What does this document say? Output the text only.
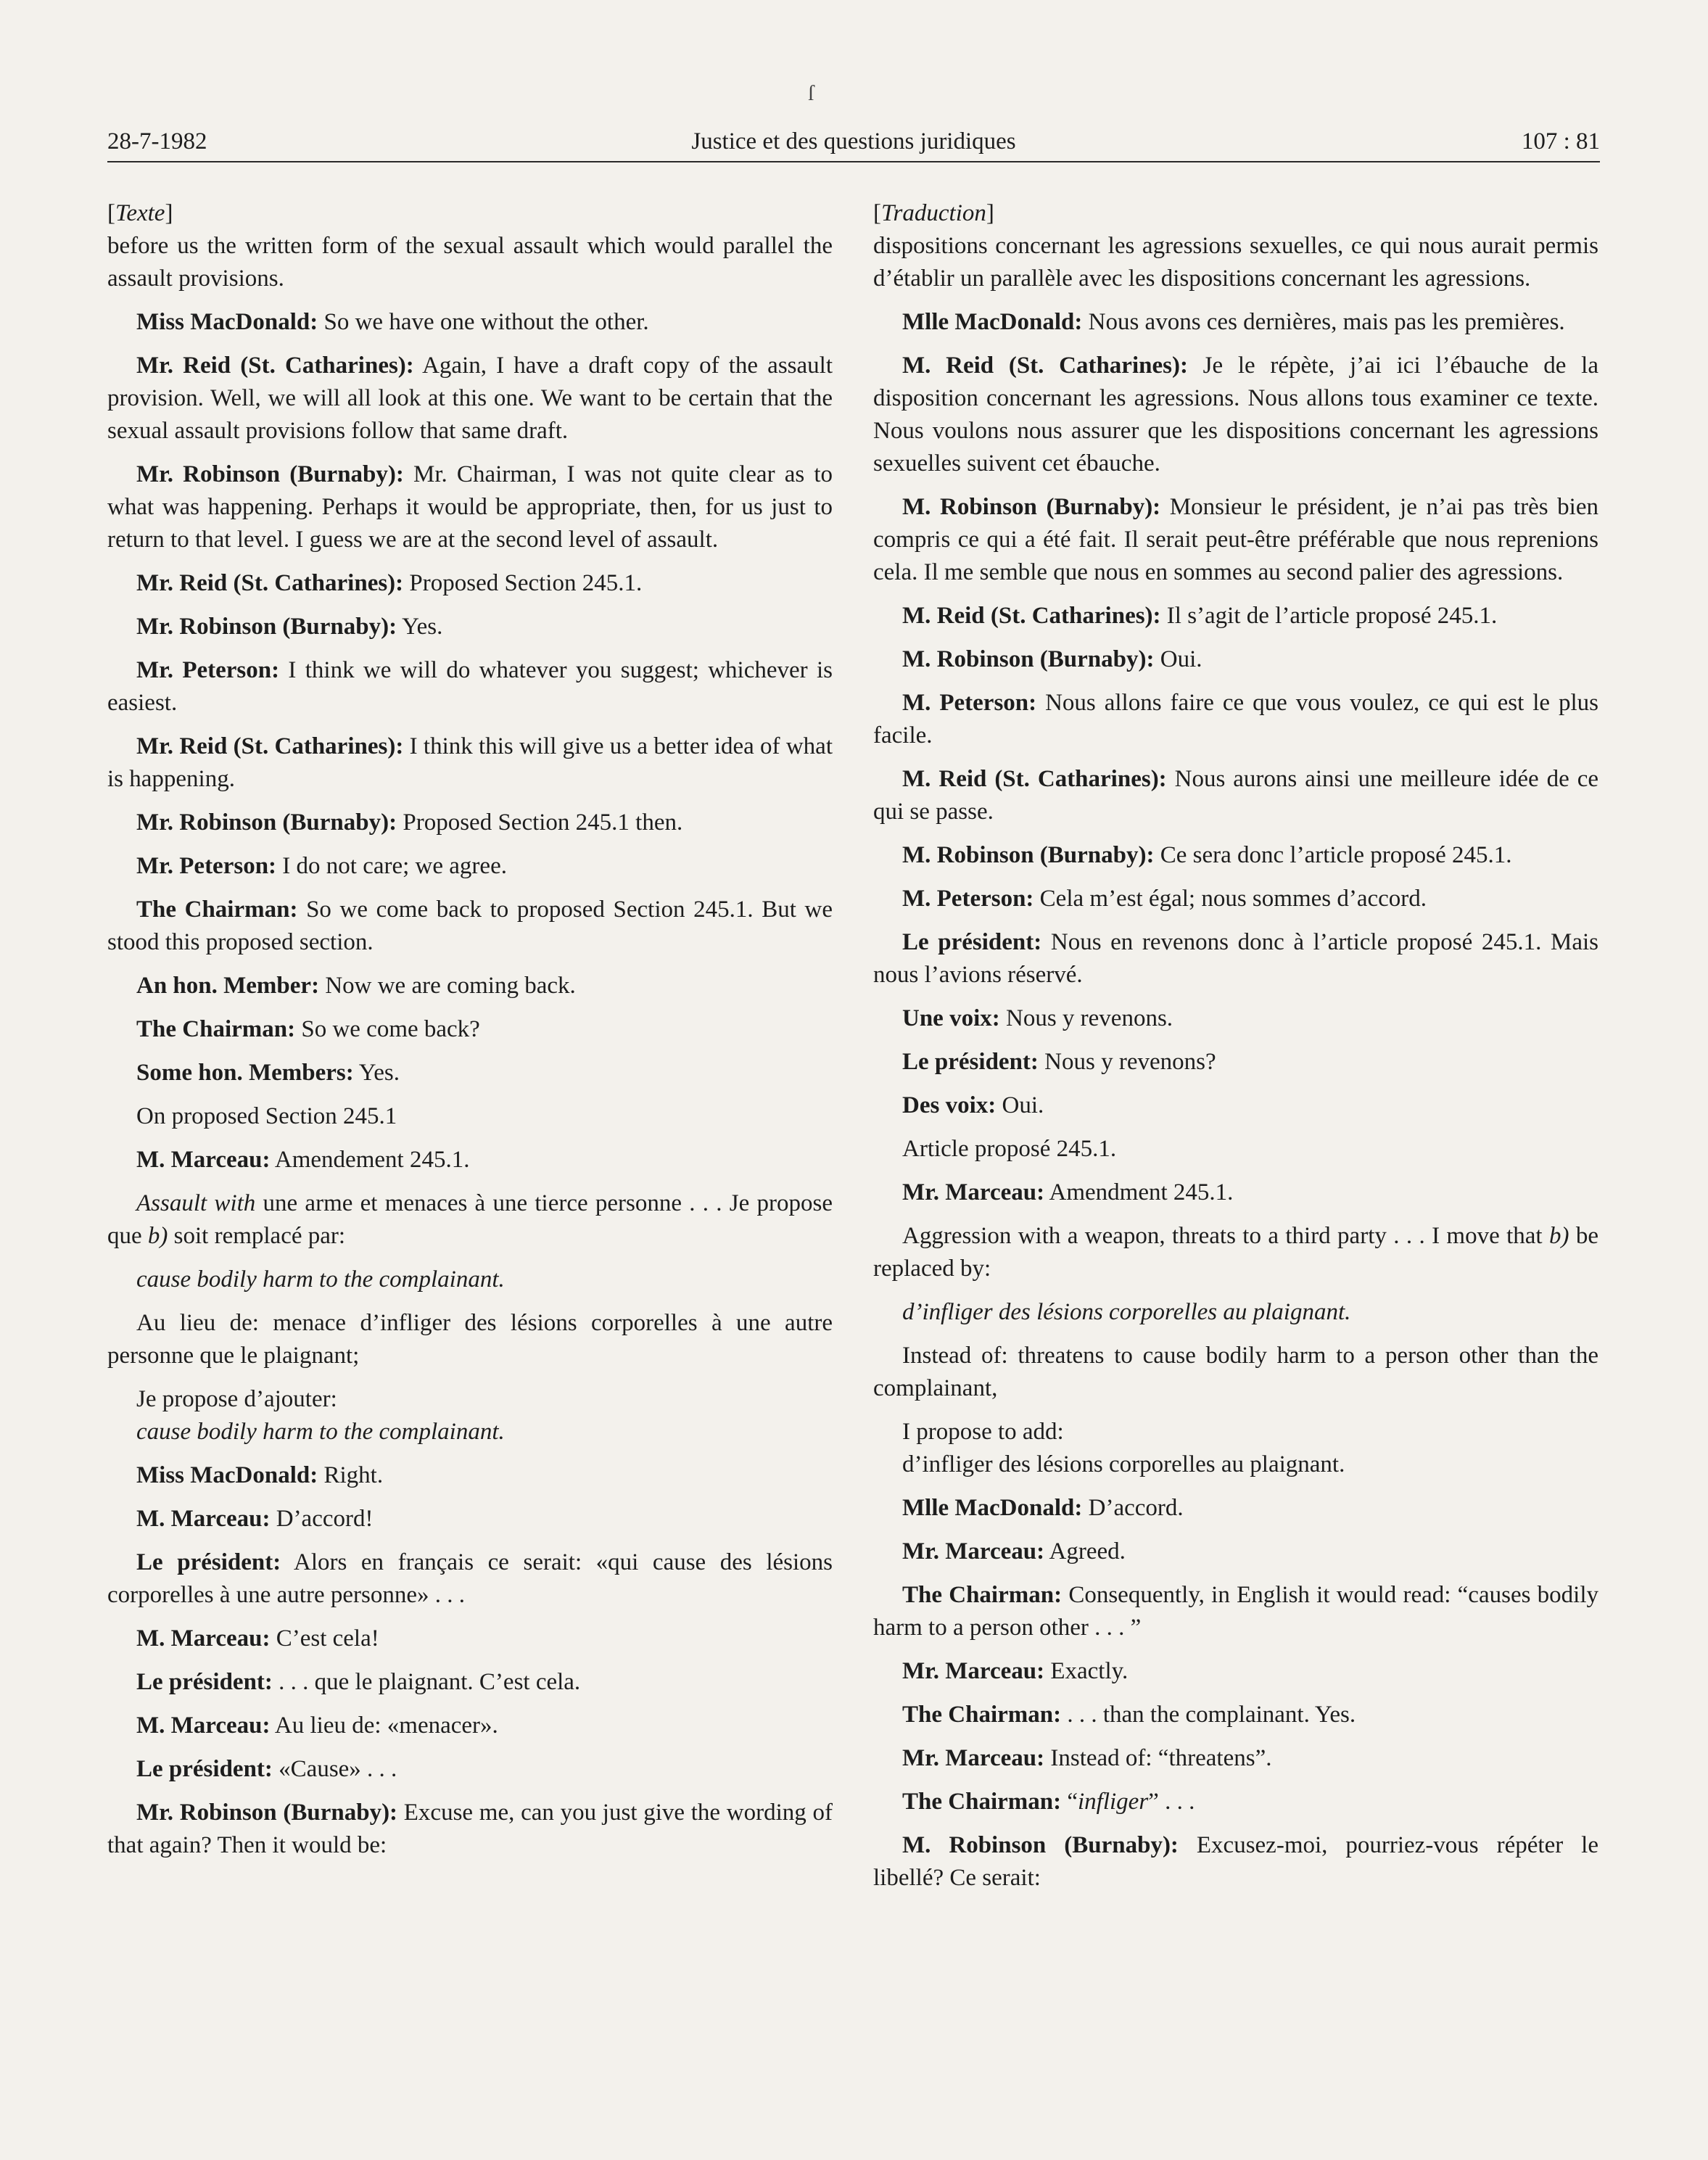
ſ
28-7-1982	Justice et des questions juridiques	107 : 81

[Texte]

before us the written form of the sexual assault which would parallel the assault provisions.

Miss MacDonald: So we have one without the other.

Mr. Reid (St. Catharines): Again, I have a draft copy of the assault provision. Well, we will all look at this one. We want to be certain that the sexual assault provisions follow that same draft.

Mr. Robinson (Burnaby): Mr. Chairman, I was not quite clear as to what was happening. Perhaps it would be appropriate, then, for us just to return to that level. I guess we are at the second level of assault.

Mr. Reid (St. Catharines): Proposed Section 245.1.

Mr. Robinson (Burnaby): Yes.

Mr. Peterson: I think we will do whatever you suggest; whichever is easiest.

Mr. Reid (St. Catharines): I think this will give us a better idea of what is happening.

Mr. Robinson (Burnaby): Proposed Section 245.1 then.

Mr. Peterson: I do not care; we agree.

The Chairman: So we come back to proposed Section 245.1. But we stood this proposed section.

An hon. Member: Now we are coming back.

The Chairman: So we come back?

Some hon. Members: Yes.

On proposed Section 245.1

M. Marceau: Amendement 245.1.

Assault with une arme et menaces à une tierce personne . . . Je propose que b) soit remplacé par:

cause bodily harm to the complainant.

Au lieu de: menace d’infliger des lésions corporelles à une autre personne que le plaignant;

Je propose d’ajouter:

cause bodily harm to the complainant.

Miss MacDonald: Right.

M. Marceau: D’accord!

Le président: Alors en français ce serait: «qui cause des lésions corporelles à une autre personne» . . .

M. Marceau: C’est cela!

Le président: . . . que le plaignant. C’est cela.

M. Marceau: Au lieu de: «menacer».

Le président: «Cause» . . .

Mr. Robinson (Burnaby): Excuse me, can you just give the wording of that again? Then it would be:

[Traduction]

dispositions concernant les agressions sexuelles, ce qui nous aurait permis d’établir un parallèle avec les dispositions concernant les agressions.

Mlle MacDonald: Nous avons ces dernières, mais pas les premières.

M. Reid (St. Catharines): Je le répète, j’ai ici l’ébauche de la disposition concernant les agressions. Nous allons tous examiner ce texte. Nous voulons nous assurer que les dispositions concernant les agressions sexuelles suivent cet ébauche.

M. Robinson (Burnaby): Monsieur le président, je n’ai pas très bien compris ce qui a été fait. Il serait peut-être préférable que nous reprenions cela. Il me semble que nous en sommes au second palier des agressions.

M. Reid (St. Catharines): Il s’agit de l’article proposé 245.1.

M. Robinson (Burnaby): Oui.

M. Peterson: Nous allons faire ce que vous voulez, ce qui est le plus facile.

M. Reid (St. Catharines): Nous aurons ainsi une meilleure idée de ce qui se passe.

M. Robinson (Burnaby): Ce sera donc l’article proposé 245.1.

M. Peterson: Cela m’est égal; nous sommes d’accord.

Le président: Nous en revenons donc à l’article proposé 245.1. Mais nous l’avions réservé.

Une voix: Nous y revenons.

Le président: Nous y revenons?

Des voix: Oui.

Article proposé 245.1.

Mr. Marceau: Amendment 245.1.

Aggression with a weapon, threats to a third party . . . I move that b) be replaced by:

d’infliger des lésions corporelles au plaignant.

Instead of: threatens to cause bodily harm to a person other than the complainant,

I propose to add:

d’infliger des lésions corporelles au plaignant.

Mlle MacDonald: D’accord.

Mr. Marceau: Agreed.

The Chairman: Consequently, in English it would read: “causes bodily harm to a person other . . . ”

Mr. Marceau: Exactly.

The Chairman: . . . than the complainant. Yes.

Mr. Marceau: Instead of: “threatens”.

The Chairman: “infliger” . . .

M. Robinson (Burnaby): Excusez-moi, pourriez-vous répéter le libellé? Ce serait:
